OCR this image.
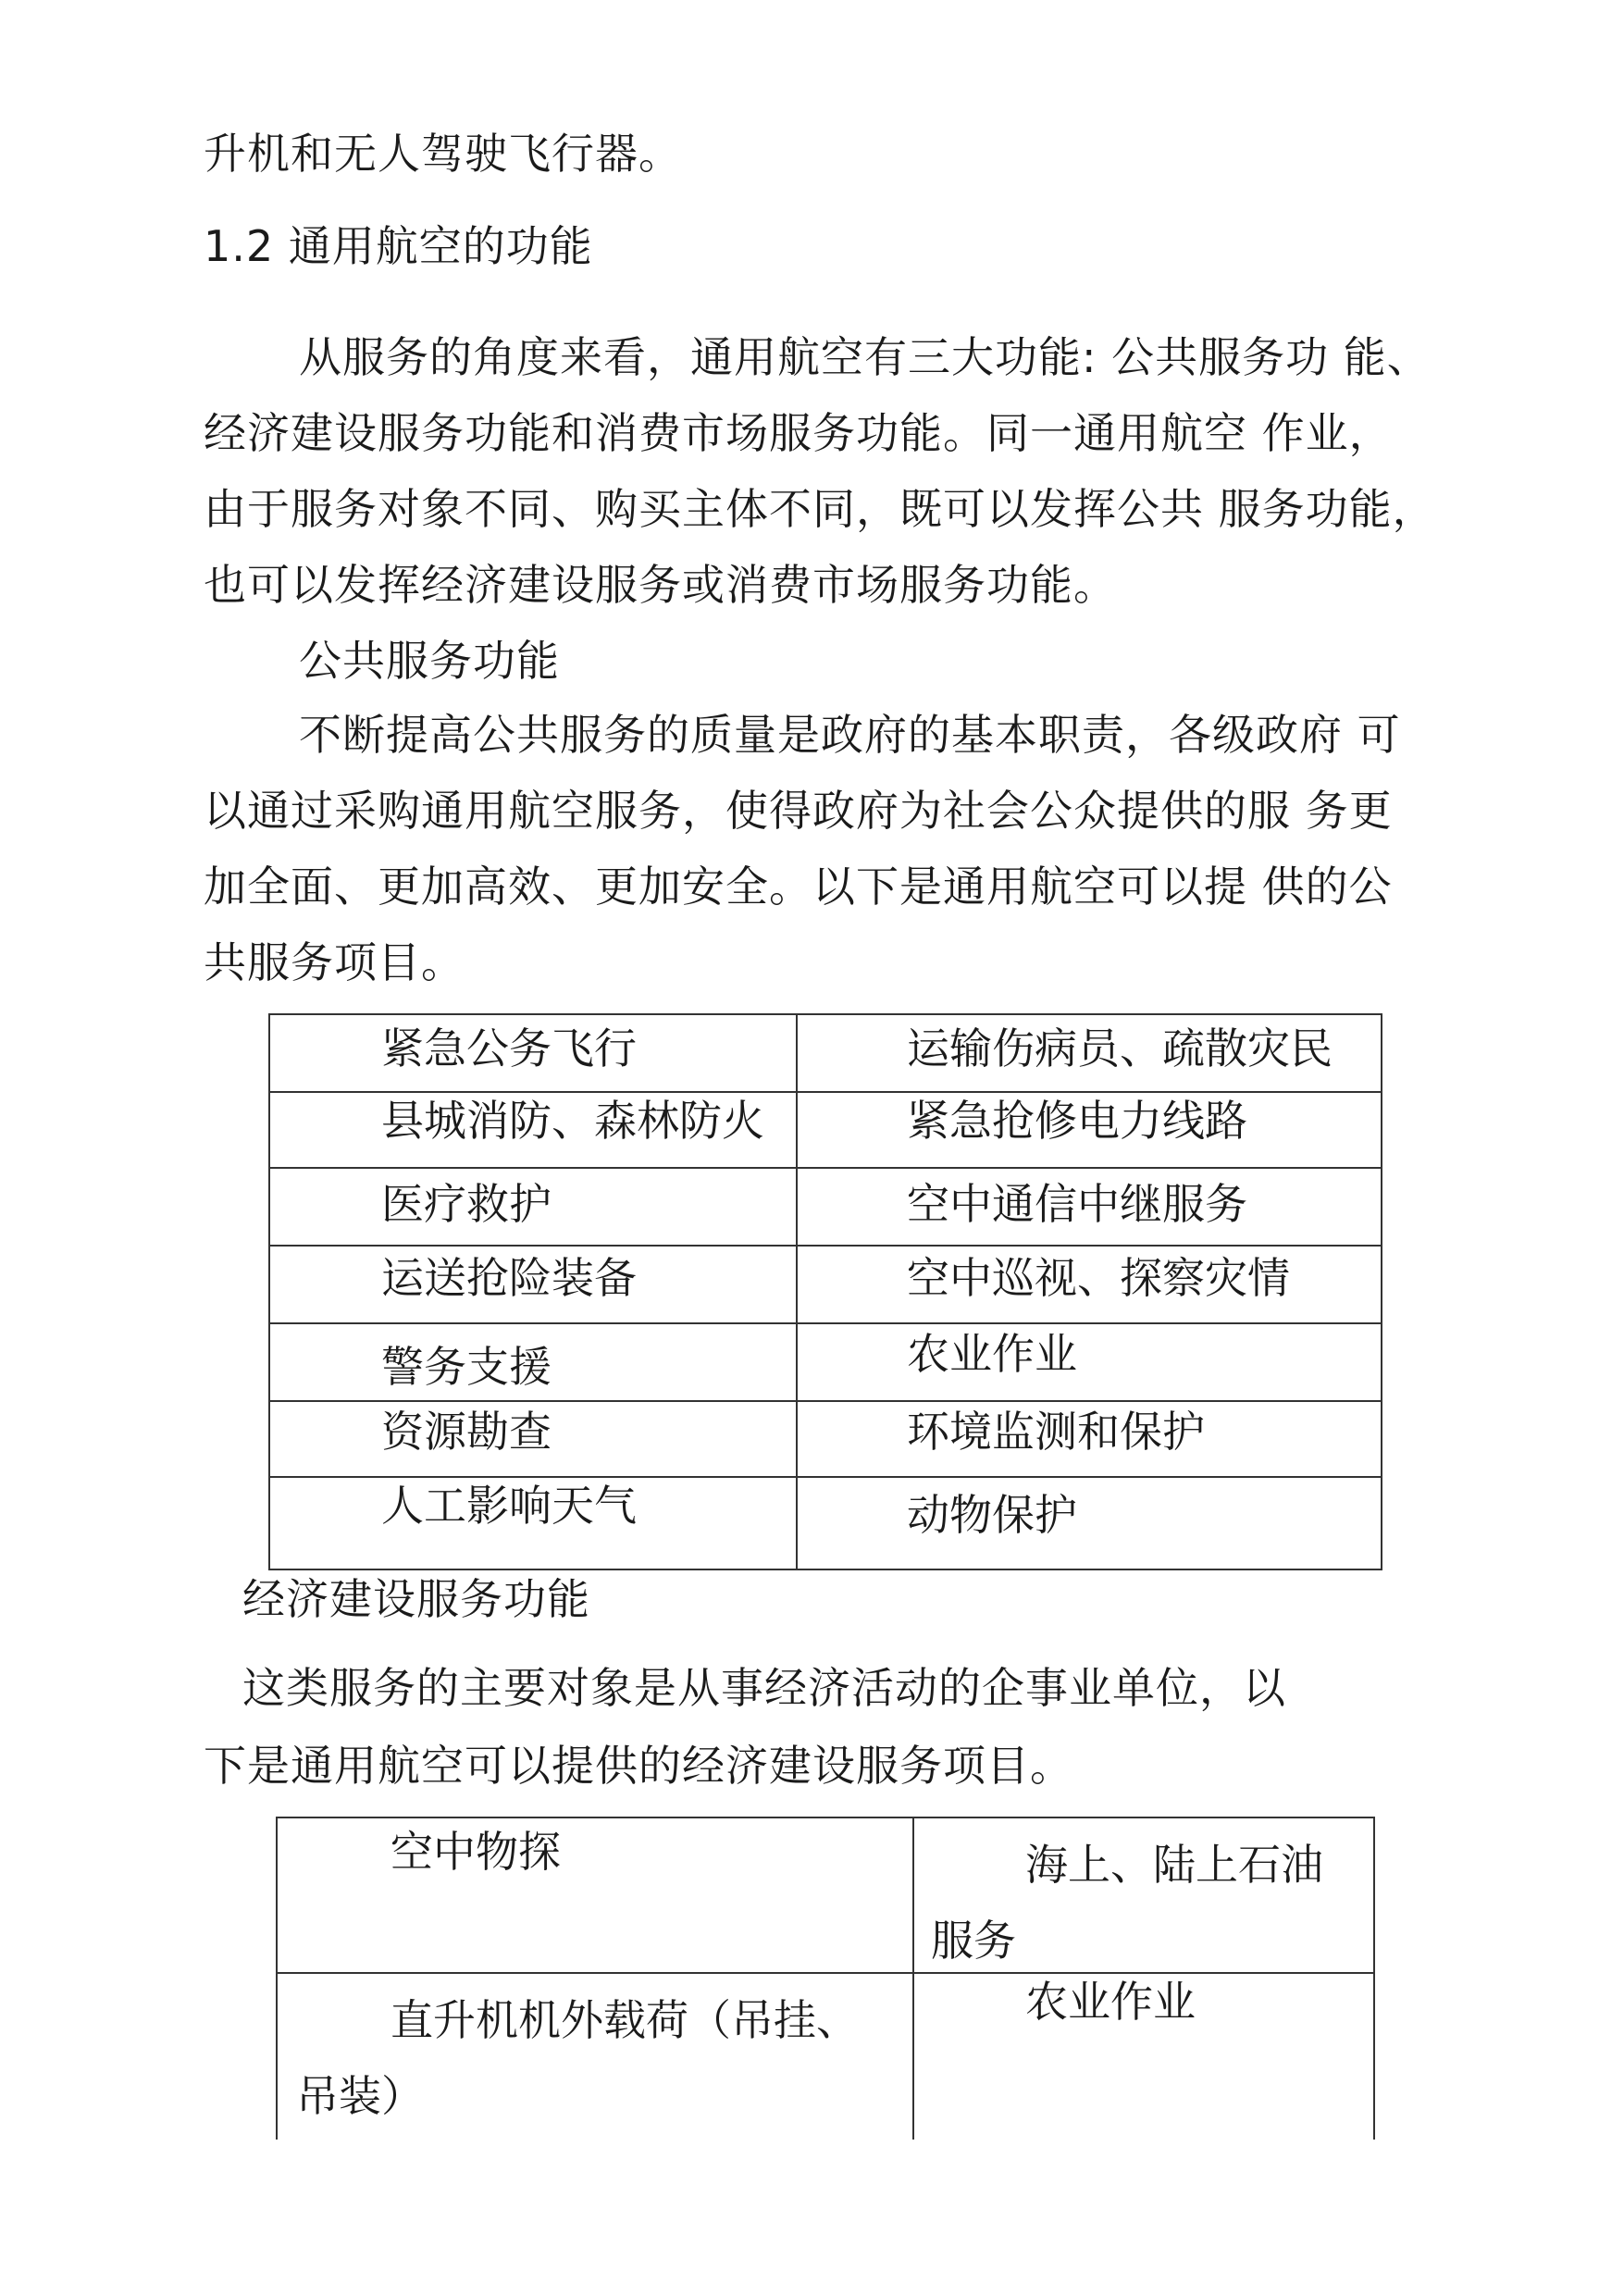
升机和无人驾驶飞行器。
1.2 通用航空的功能
从服务的角度来看，通用航空有三大功能: 公共服务功 能、
经济建设服务功能和消费市场服务功能。同一通用航空 作业，
由于服务对象不同、购买主体不同，既可以发挥公共 服务功能，
也可以发挥经济建设服务或消费市场服务功能。
公共服务功能
不断提高公共服务的质量是政府的基本职责，各级政府 可
以通过采购通用航空服务，使得政府为社会公众提供的服 务更
加全面、更加高效、更加安全。以下是通用航空可以提 供的公
共服务项目。
紧急公务飞行	运输伤病员、疏散灾民

县城消防、森林防火	紧急抢修电力线路

医疗救护	空中通信中继服务

运送抢险装备	空中巡视、探察灾情

警务支援	农业作业

资源勘查	环境监测和保护

人工影响天气	动物保护
经济建设服务功能
这类服务的主要对象是从事经济活动的企事业单位，以
下是通用航空可以提供的经济建设服务项目。
空中物探	海上、陆上石油
服务

直升机机外载荷（吊挂、
吊装）	农业作业
